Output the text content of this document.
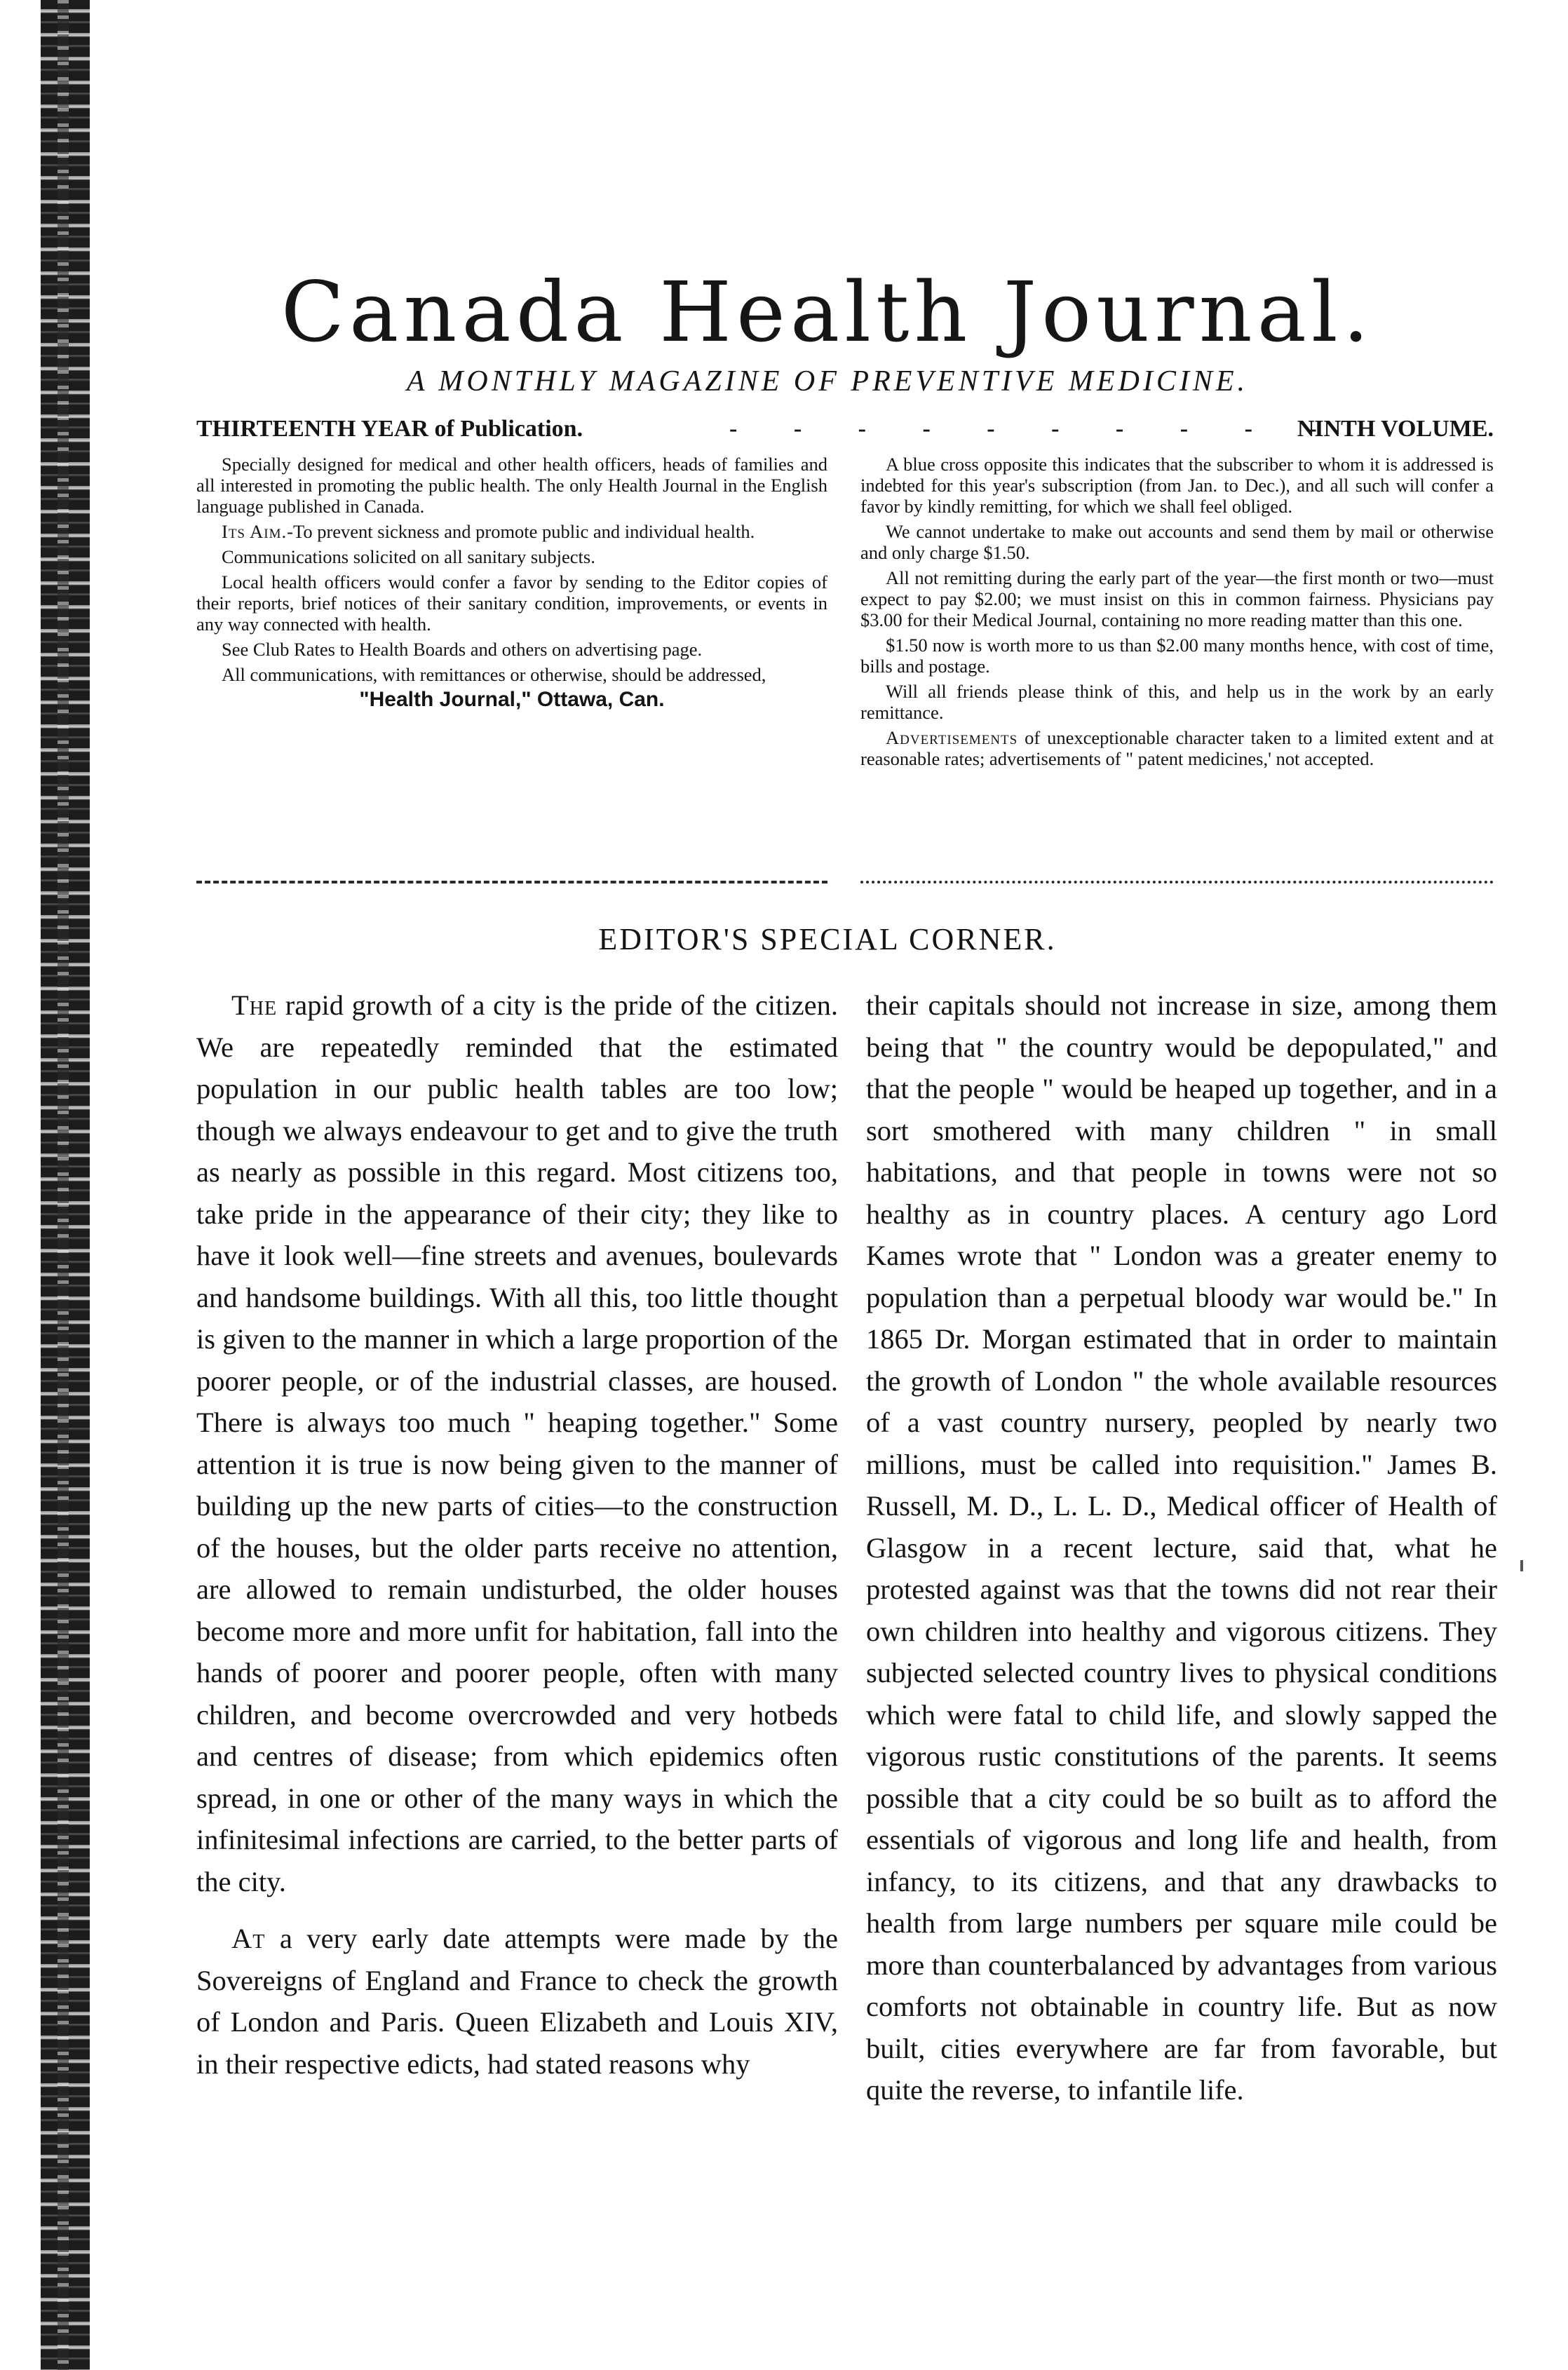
Canada Health Journal.
A MONTHLY MAGAZINE OF PREVENTIVE MEDICINE.
THIRTEENTH YEAR of Publication.	- - - - - - - - - -
NINTH VOLUME.

Specially designed for medical and other health officers, heads of families and all interested in promoting the public health. The only Health Journal in the English language published in Canada.

Its Aim.-To prevent sickness and promote public and individual health.

Communications solicited on all sanitary subjects.

Local health officers would confer a favor by sending to the Editor copies of their reports, brief notices of their sanitary condition, improvements, or events in any way connected with health.

See Club Rates to Health Boards and others on advertising page.

All communications, with remittances or otherwise, should be addressed,

"Health Journal," Ottawa, Can.

A blue cross opposite this indicates that the subscriber to whom it is addressed is indebted for this year's subscription (from Jan. to Dec.), and all such will confer a favor by kindly remitting, for which we shall feel obliged.

We cannot undertake to make out accounts and send them by mail or otherwise and only charge $1.50.

All not remitting during the early part of the year—the first month or two—must expect to pay $2.00; we must insist on this in common fairness. Physicians pay $3.00 for their Medical Journal, containing no more reading matter than this one.

$1.50 now is worth more to us than $2.00 many months hence, with cost of time, bills and postage.

Will all friends please think of this, and help us in the work by an early remittance.

Advertisements of unexceptionable character taken to a limited extent and at reasonable rates; advertisements of " patent medicines,' not accepted.

EDITOR'S SPECIAL CORNER.

The rapid growth of a city is the pride of the citizen. We are repeatedly reminded that the estimated population in our public health tables are too low; though we always endeavour to get and to give the truth as nearly as possible in this regard. Most citizens too, take pride in the appearance of their city; they like to have it look well—fine streets and avenues, boulevards and handsome buildings. With all this, too little thought is given to the manner in which a large proportion of the poorer people, or of the industrial classes, are housed. There is always too much " heaping together." Some attention it is true is now being given to the manner of building up the new parts of cities—to the construction of the houses, but the older parts receive no attention, are allowed to remain undisturbed, the older houses become more and more unfit for habitation, fall into the hands of poorer and poorer people, often with many children, and become overcrowded and very hotbeds and centres of disease; from which epidemics often spread, in one or other of the many ways in which the infinitesimal infections are carried, to the better parts of the city.

At a very early date attempts were made by the Sovereigns of England and France to check the growth of London and Paris. Queen Elizabeth and Louis XIV, in their respective edicts, had stated reasons why

their capitals should not increase in size, among them being that " the country would be depopulated," and that the people " would be heaped up together, and in a sort smothered with many children " in small habitations, and that people in towns were not so healthy as in country places. A century ago Lord Kames wrote that " London was a greater enemy to population than a perpetual bloody war would be." In 1865 Dr. Morgan estimated that in order to maintain the growth of London " the whole available resources of a vast country nursery, peopled by nearly two millions, must be called into requisition." James B. Russell, M. D., L. L. D., Medical officer of Health of Glasgow in a recent lecture, said that, what he protested against was that the towns did not rear their own children into healthy and vigorous citizens. They subjected selected country lives to physical conditions which were fatal to child life, and slowly sapped the vigorous rustic constitutions of the parents. It seems possible that a city could be so built as to afford the essentials of vigorous and long life and health, from infancy, to its citizens, and that any drawbacks to health from large numbers per square mile could be more than counterbalanced by advantages from various comforts not obtainable in country life. But as now built, cities everywhere are far from favorable, but quite the reverse, to infantile life.
